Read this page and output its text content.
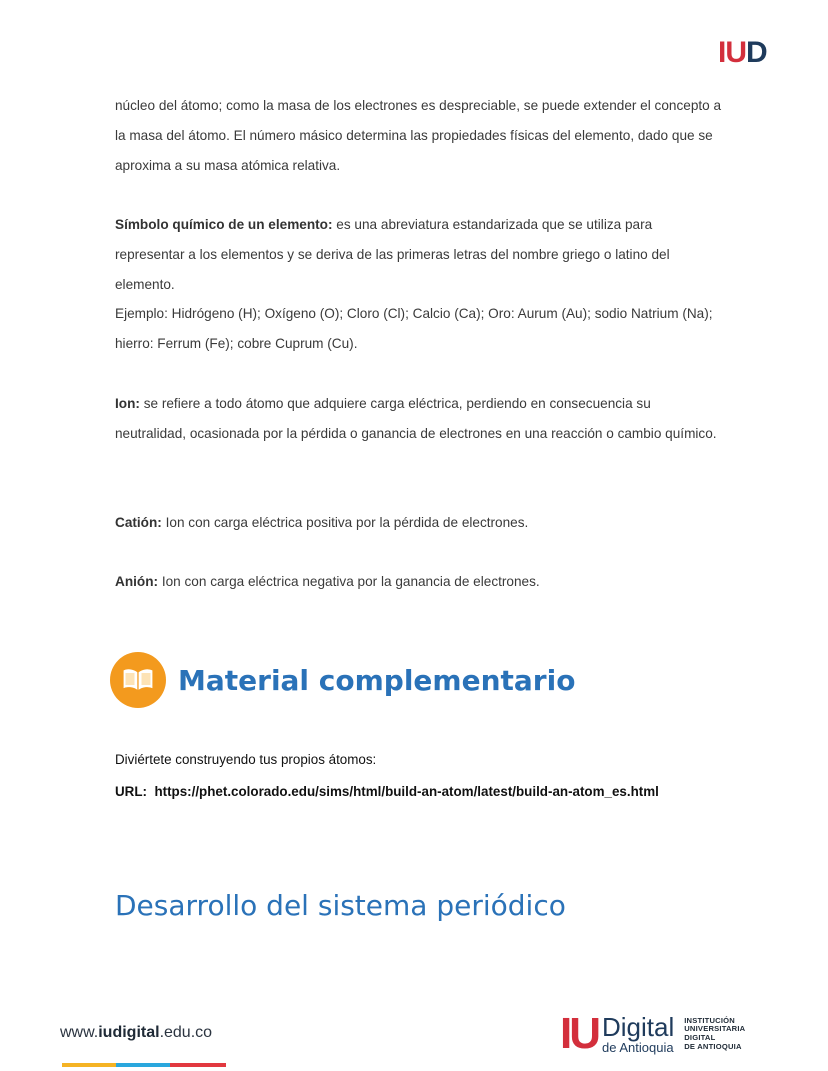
IUD
núcleo del átomo; como la masa de los electrones es despreciable, se puede extender el concepto a la masa del átomo. El número másico determina las propiedades físicas del elemento, dado que se aproxima a su masa atómica relativa.
Símbolo químico de un elemento: es una abreviatura estandarizada que se utiliza para representar a los elementos y se deriva de las primeras letras del nombre griego o latino del elemento.
Ejemplo: Hidrógeno (H); Oxígeno (O); Cloro (Cl); Calcio (Ca); Oro: Aurum (Au); sodio Natrium (Na); hierro: Ferrum (Fe); cobre Cuprum (Cu).
Ion: se refiere a todo átomo que adquiere carga eléctrica, perdiendo en consecuencia su neutralidad, ocasionada por la pérdida o ganancia de electrones en una reacción o cambio químico.
Catión: Ion con carga eléctrica positiva por la pérdida de electrones.
Anión: Ion con carga eléctrica negativa por la ganancia de electrones.
Material complementario
Diviértete construyendo tus propios átomos:
URL: https://phet.colorado.edu/sims/html/build-an-atom/latest/build-an-atom_es.html
Desarrollo del sistema periódico
www.iudigital.edu.co	IU Digital
de Antioquia
INSTITUCIÓN
UNIVERSITARIA
DIGITAL
DE ANTIOQUIA
